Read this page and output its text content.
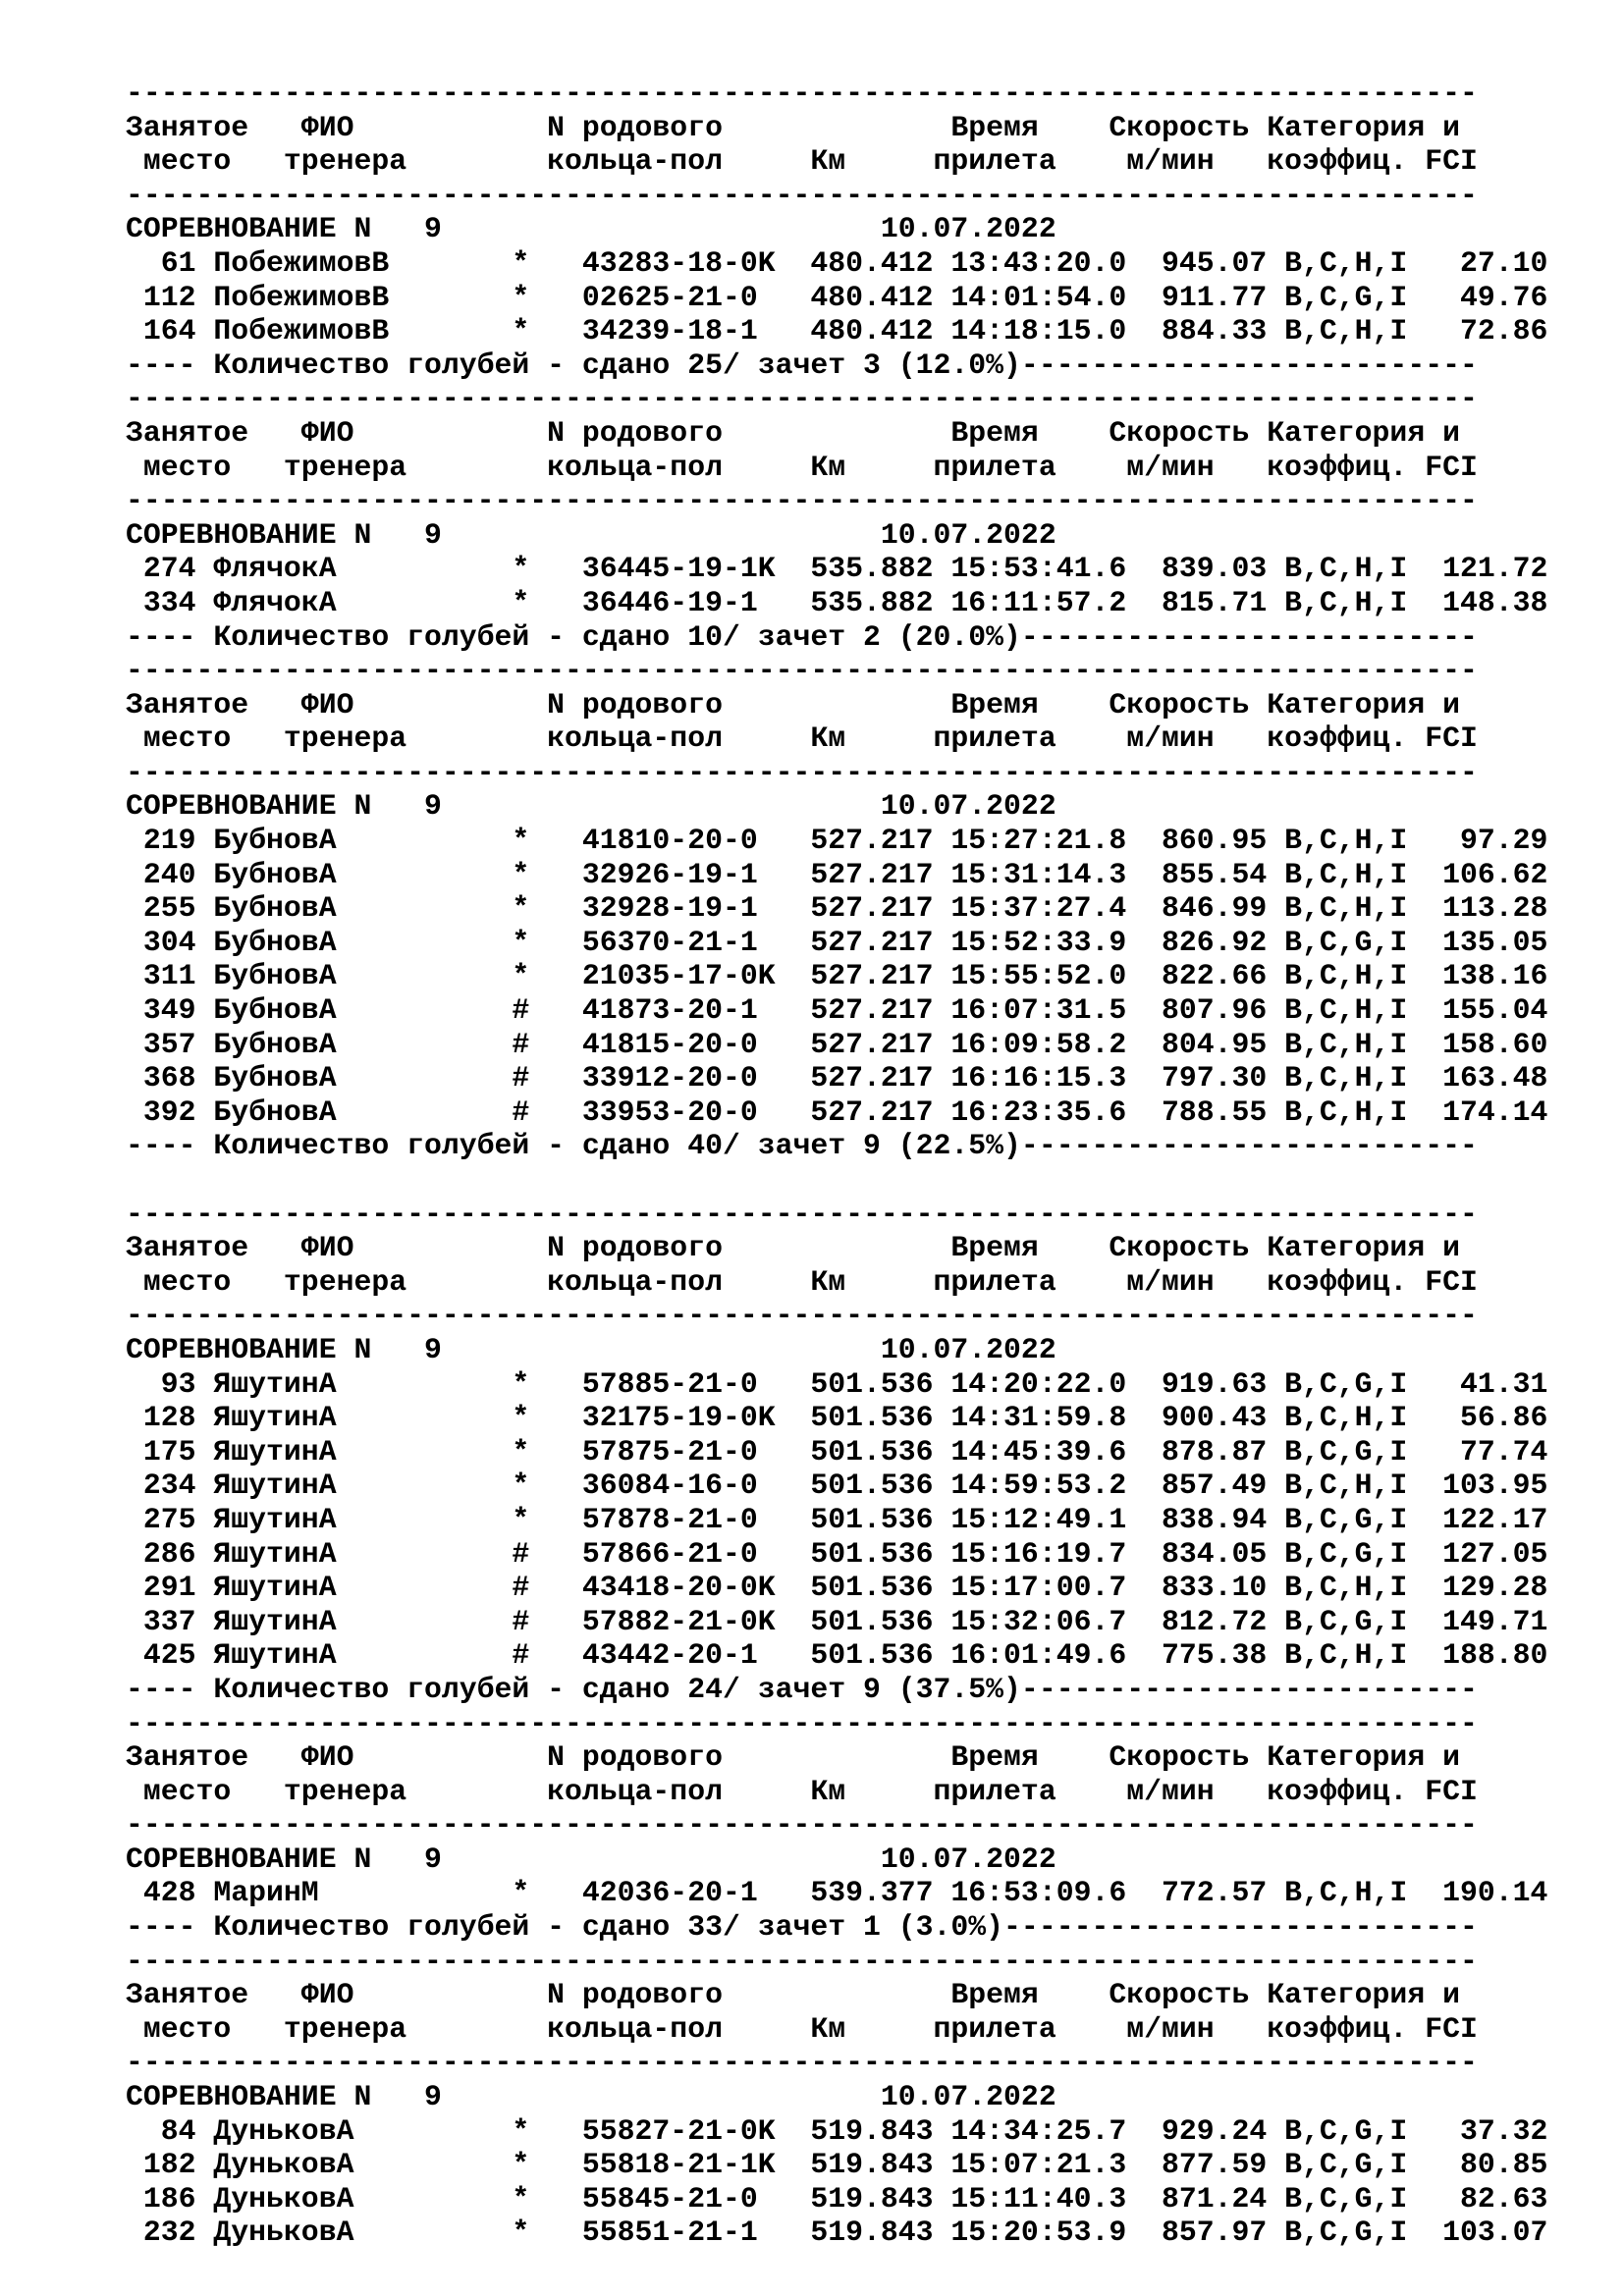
-----------------------------------------------------------------------------
Занятое   ФИО           N родового             Время    Скорость Категория и
место   тренера        кольца-пол     Км     прилета    м/мин   коэффиц. FCI
-----------------------------------------------------------------------------
СОРЕВНОВАНИЕ N   9                         10.07.2022
61 ПобежимовВ       *   43283-18-0K  480.412 13:43:20.0  945.07 B,C,H,I   27.10
112 ПобежимовВ       *   02625-21-0   480.412 14:01:54.0  911.77 B,C,G,I   49.76
164 ПобежимовВ       *   34239-18-1   480.412 14:18:15.0  884.33 B,C,H,I   72.86
---- Количество голубей - сдано 25/ зачет 3 (12.0%)--------------------------
-----------------------------------------------------------------------------
Занятое   ФИО           N родового             Время    Скорость Категория и
место   тренера        кольца-пол     Км     прилета    м/мин   коэффиц. FCI
-----------------------------------------------------------------------------
СОРЕВНОВАНИЕ N   9                         10.07.2022
274 ФлячокА          *   36445-19-1K  535.882 15:53:41.6  839.03 B,C,H,I  121.72
334 ФлячокА          *   36446-19-1   535.882 16:11:57.2  815.71 B,C,H,I  148.38
---- Количество голубей - сдано 10/ зачет 2 (20.0%)--------------------------
-----------------------------------------------------------------------------
Занятое   ФИО           N родового             Время    Скорость Категория и
место   тренера        кольца-пол     Км     прилета    м/мин   коэффиц. FCI
-----------------------------------------------------------------------------
СОРЕВНОВАНИЕ N   9                         10.07.2022
219 БубновА          *   41810-20-0   527.217 15:27:21.8  860.95 B,C,H,I   97.29
240 БубновА          *   32926-19-1   527.217 15:31:14.3  855.54 B,C,H,I  106.62
255 БубновА          *   32928-19-1   527.217 15:37:27.4  846.99 B,C,H,I  113.28
304 БубновА          *   56370-21-1   527.217 15:52:33.9  826.92 B,C,G,I  135.05
311 БубновА          *   21035-17-0K  527.217 15:55:52.0  822.66 B,C,H,I  138.16
349 БубновА          #   41873-20-1   527.217 16:07:31.5  807.96 B,C,H,I  155.04
357 БубновА          #   41815-20-0   527.217 16:09:58.2  804.95 B,C,H,I  158.60
368 БубновА          #   33912-20-0   527.217 16:16:15.3  797.30 B,C,H,I  163.48
392 БубновА          #   33953-20-0   527.217 16:23:35.6  788.55 B,C,H,I  174.14
---- Количество голубей - сдано 40/ зачет 9 (22.5%)--------------------------
-----------------------------------------------------------------------------
Занятое   ФИО           N родового             Время    Скорость Категория и
место   тренера        кольца-пол     Км     прилета    м/мин   коэффиц. FCI
-----------------------------------------------------------------------------
СОРЕВНОВАНИЕ N   9                         10.07.2022
93 ЯшутинА          *   57885-21-0   501.536 14:20:22.0  919.63 B,C,G,I   41.31
128 ЯшутинА          *   32175-19-0K  501.536 14:31:59.8  900.43 B,C,H,I   56.86
175 ЯшутинА          *   57875-21-0   501.536 14:45:39.6  878.87 B,C,G,I   77.74
234 ЯшутинА          *   36084-16-0   501.536 14:59:53.2  857.49 B,C,H,I  103.95
275 ЯшутинА          *   57878-21-0   501.536 15:12:49.1  838.94 B,C,G,I  122.17
286 ЯшутинА          #   57866-21-0   501.536 15:16:19.7  834.05 B,C,G,I  127.05
291 ЯшутинА          #   43418-20-0K  501.536 15:17:00.7  833.10 B,C,H,I  129.28
337 ЯшутинА          #   57882-21-0K  501.536 15:32:06.7  812.72 B,C,G,I  149.71
425 ЯшутинА          #   43442-20-1   501.536 16:01:49.6  775.38 B,C,H,I  188.80
---- Количество голубей - сдано 24/ зачет 9 (37.5%)--------------------------
-----------------------------------------------------------------------------
Занятое   ФИО           N родового             Время    Скорость Категория и
место   тренера        кольца-пол     Км     прилета    м/мин   коэффиц. FCI
-----------------------------------------------------------------------------
СОРЕВНОВАНИЕ N   9                         10.07.2022
428 МаринМ           *   42036-20-1   539.377 16:53:09.6  772.57 B,C,H,I  190.14
---- Количество голубей - сдано 33/ зачет 1 (3.0%)---------------------------
-----------------------------------------------------------------------------
Занятое   ФИО           N родового             Время    Скорость Категория и
место   тренера        кольца-пол     Км     прилета    м/мин   коэффиц. FCI
-----------------------------------------------------------------------------
СОРЕВНОВАНИЕ N   9                         10.07.2022
84 ДуньковА         *   55827-21-0K  519.843 14:34:25.7  929.24 B,C,G,I   37.32
182 ДуньковА         *   55818-21-1K  519.843 15:07:21.3  877.59 B,C,G,I   80.85
186 ДуньковА         *   55845-21-0   519.843 15:11:40.3  871.24 B,C,G,I   82.63
232 ДуньковА         *   55851-21-1   519.843 15:20:53.9  857.97 B,C,G,I  103.07
